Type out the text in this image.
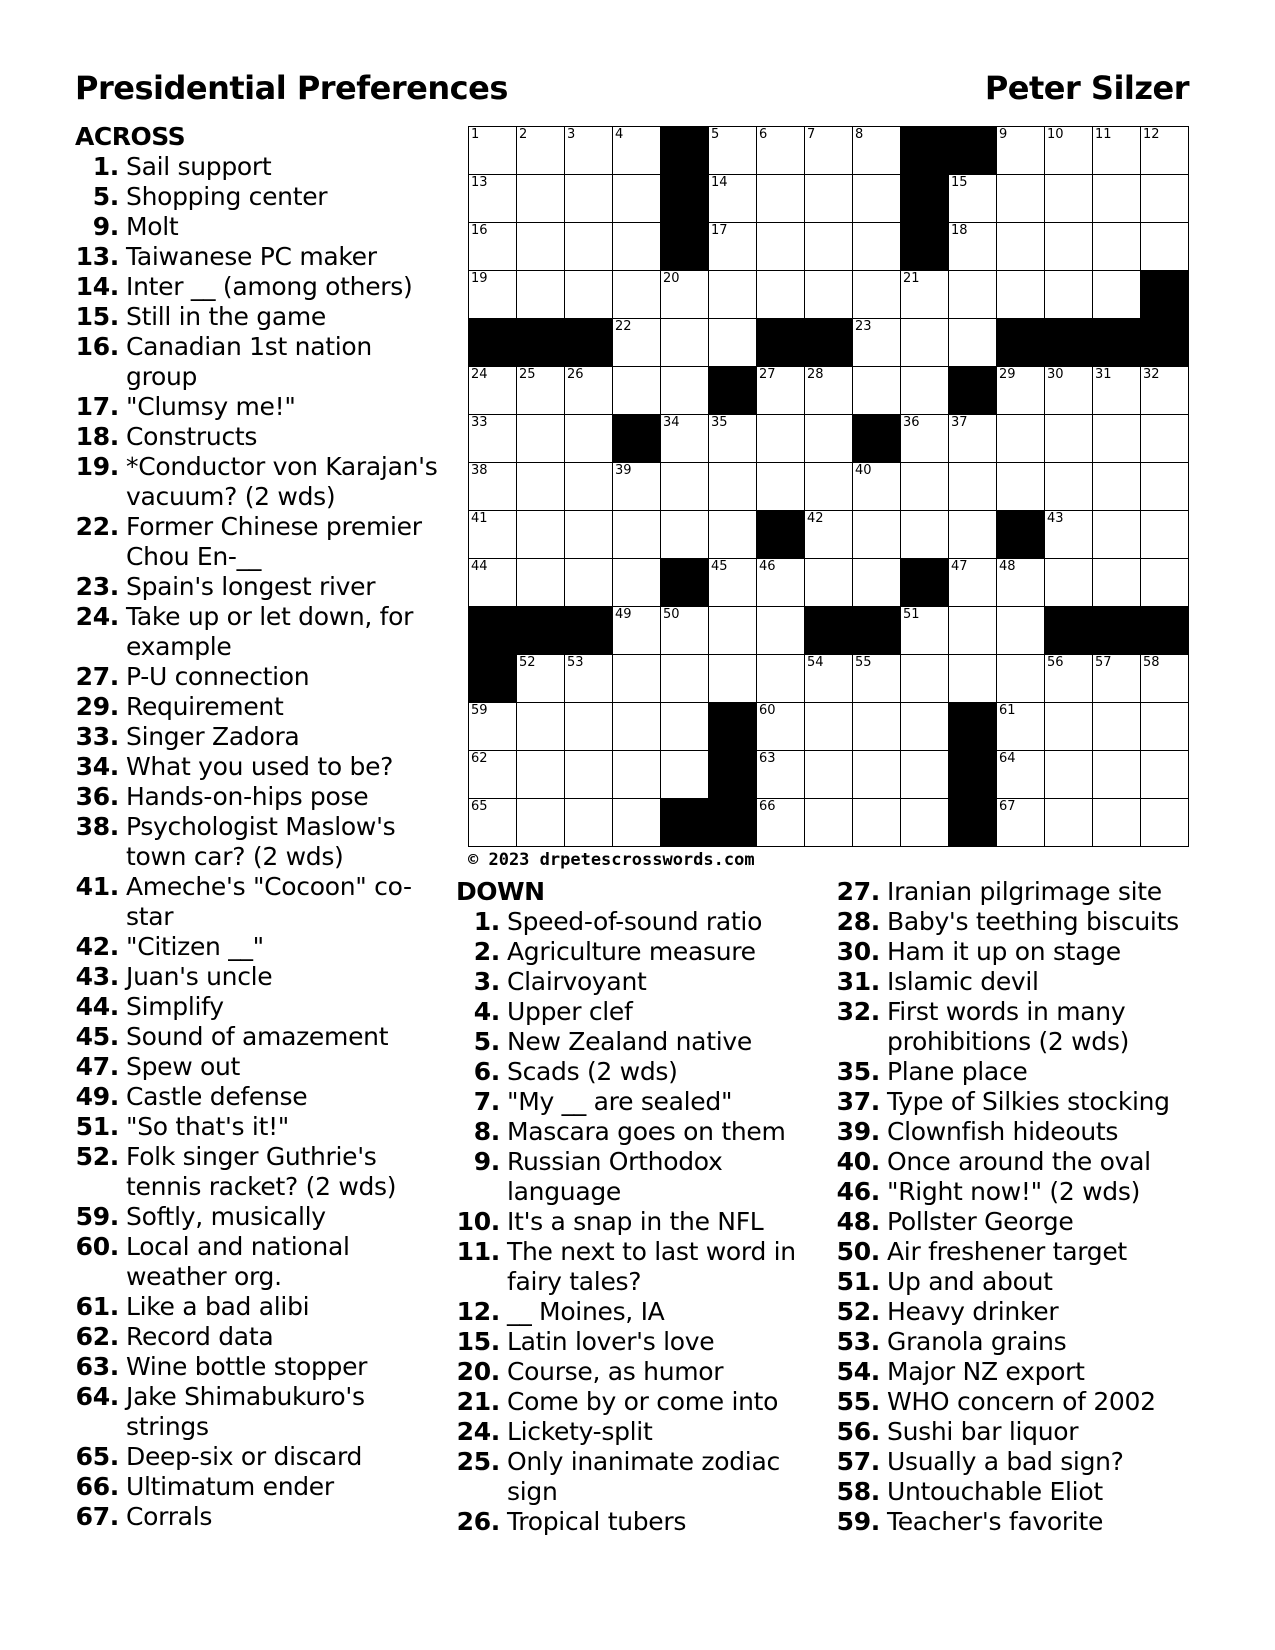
Presidential Preferences	Peter Silzer
ACROSS
1. Sail support
5. Shopping center
9. Molt
13. Taiwanese PC maker
14. Inter __ (among others)
15. Still in the game
16. Canadian 1st nation group
17. "Clumsy me!"
18. Constructs
19. *Conductor von Karajan's vacuum? (2 wds)
22. Former Chinese premier Chou En-__
23. Spain's longest river
24. Take up or let down, for example
27. P-U connection
29. Requirement
33. Singer Zadora
34. What you used to be?
36. Hands-on-hips pose
38. Psychologist Maslow's town car? (2 wds)
41. Ameche's "Cocoon" co-star
42. "Citizen __"
43. Juan's uncle
44. Simplify
45. Sound of amazement
47. Spew out
49. Castle defense
51. "So that's it!"
52. Folk singer Guthrie's tennis racket? (2 wds)
59. Softly, musically
60. Local and national weather org.
61. Like a bad alibi
62. Record data
63. Wine bottle stopper
64. Jake Shimabukuro's strings
65. Deep-six or discard
66. Ultimatum ender
67. Corrals
1	2	3	4	5	6	7	8	9	10 11 12
13	14	15
16	17	18
19	20	21
22	23
24 25 26	27 28	29 30 31 32
33	34 35	36 37
38	39	40
41	42	43
44	45 46	47 48
49 50	51
52 53	54 55	56 57 58
59	60	61
62	63	64
65	66	67
© 2023 drpetescrosswords.com
DOWN
1. Speed-of-sound ratio
2. Agriculture measure
3. Clairvoyant
4. Upper clef
5. New Zealand native
6. Scads (2 wds)
7. "My __ are sealed"
8. Mascara goes on them
9. Russian Orthodox language
10. It's a snap in the NFL
11. The next to last word in fairy tales?
12. __ Moines, IA
15. Latin lover's love
20. Course, as humor
21. Come by or come into
24. Lickety-split
25. Only inanimate zodiac sign
26. Tropical tubers
27. Iranian pilgrimage site
28. Baby's teething biscuits
30. Ham it up on stage
31. Islamic devil
32. First words in many prohibitions (2 wds)
35. Plane place
37. Type of Silkies stocking
39. Clownfish hideouts
40. Once around the oval
46. "Right now!" (2 wds)
48. Pollster George
50. Air freshener target
51. Up and about
52. Heavy drinker
53. Granola grains
54. Major NZ export
55. WHO concern of 2002
56. Sushi bar liquor
57. Usually a bad sign?
58. Untouchable Eliot
59. Teacher's favorite
